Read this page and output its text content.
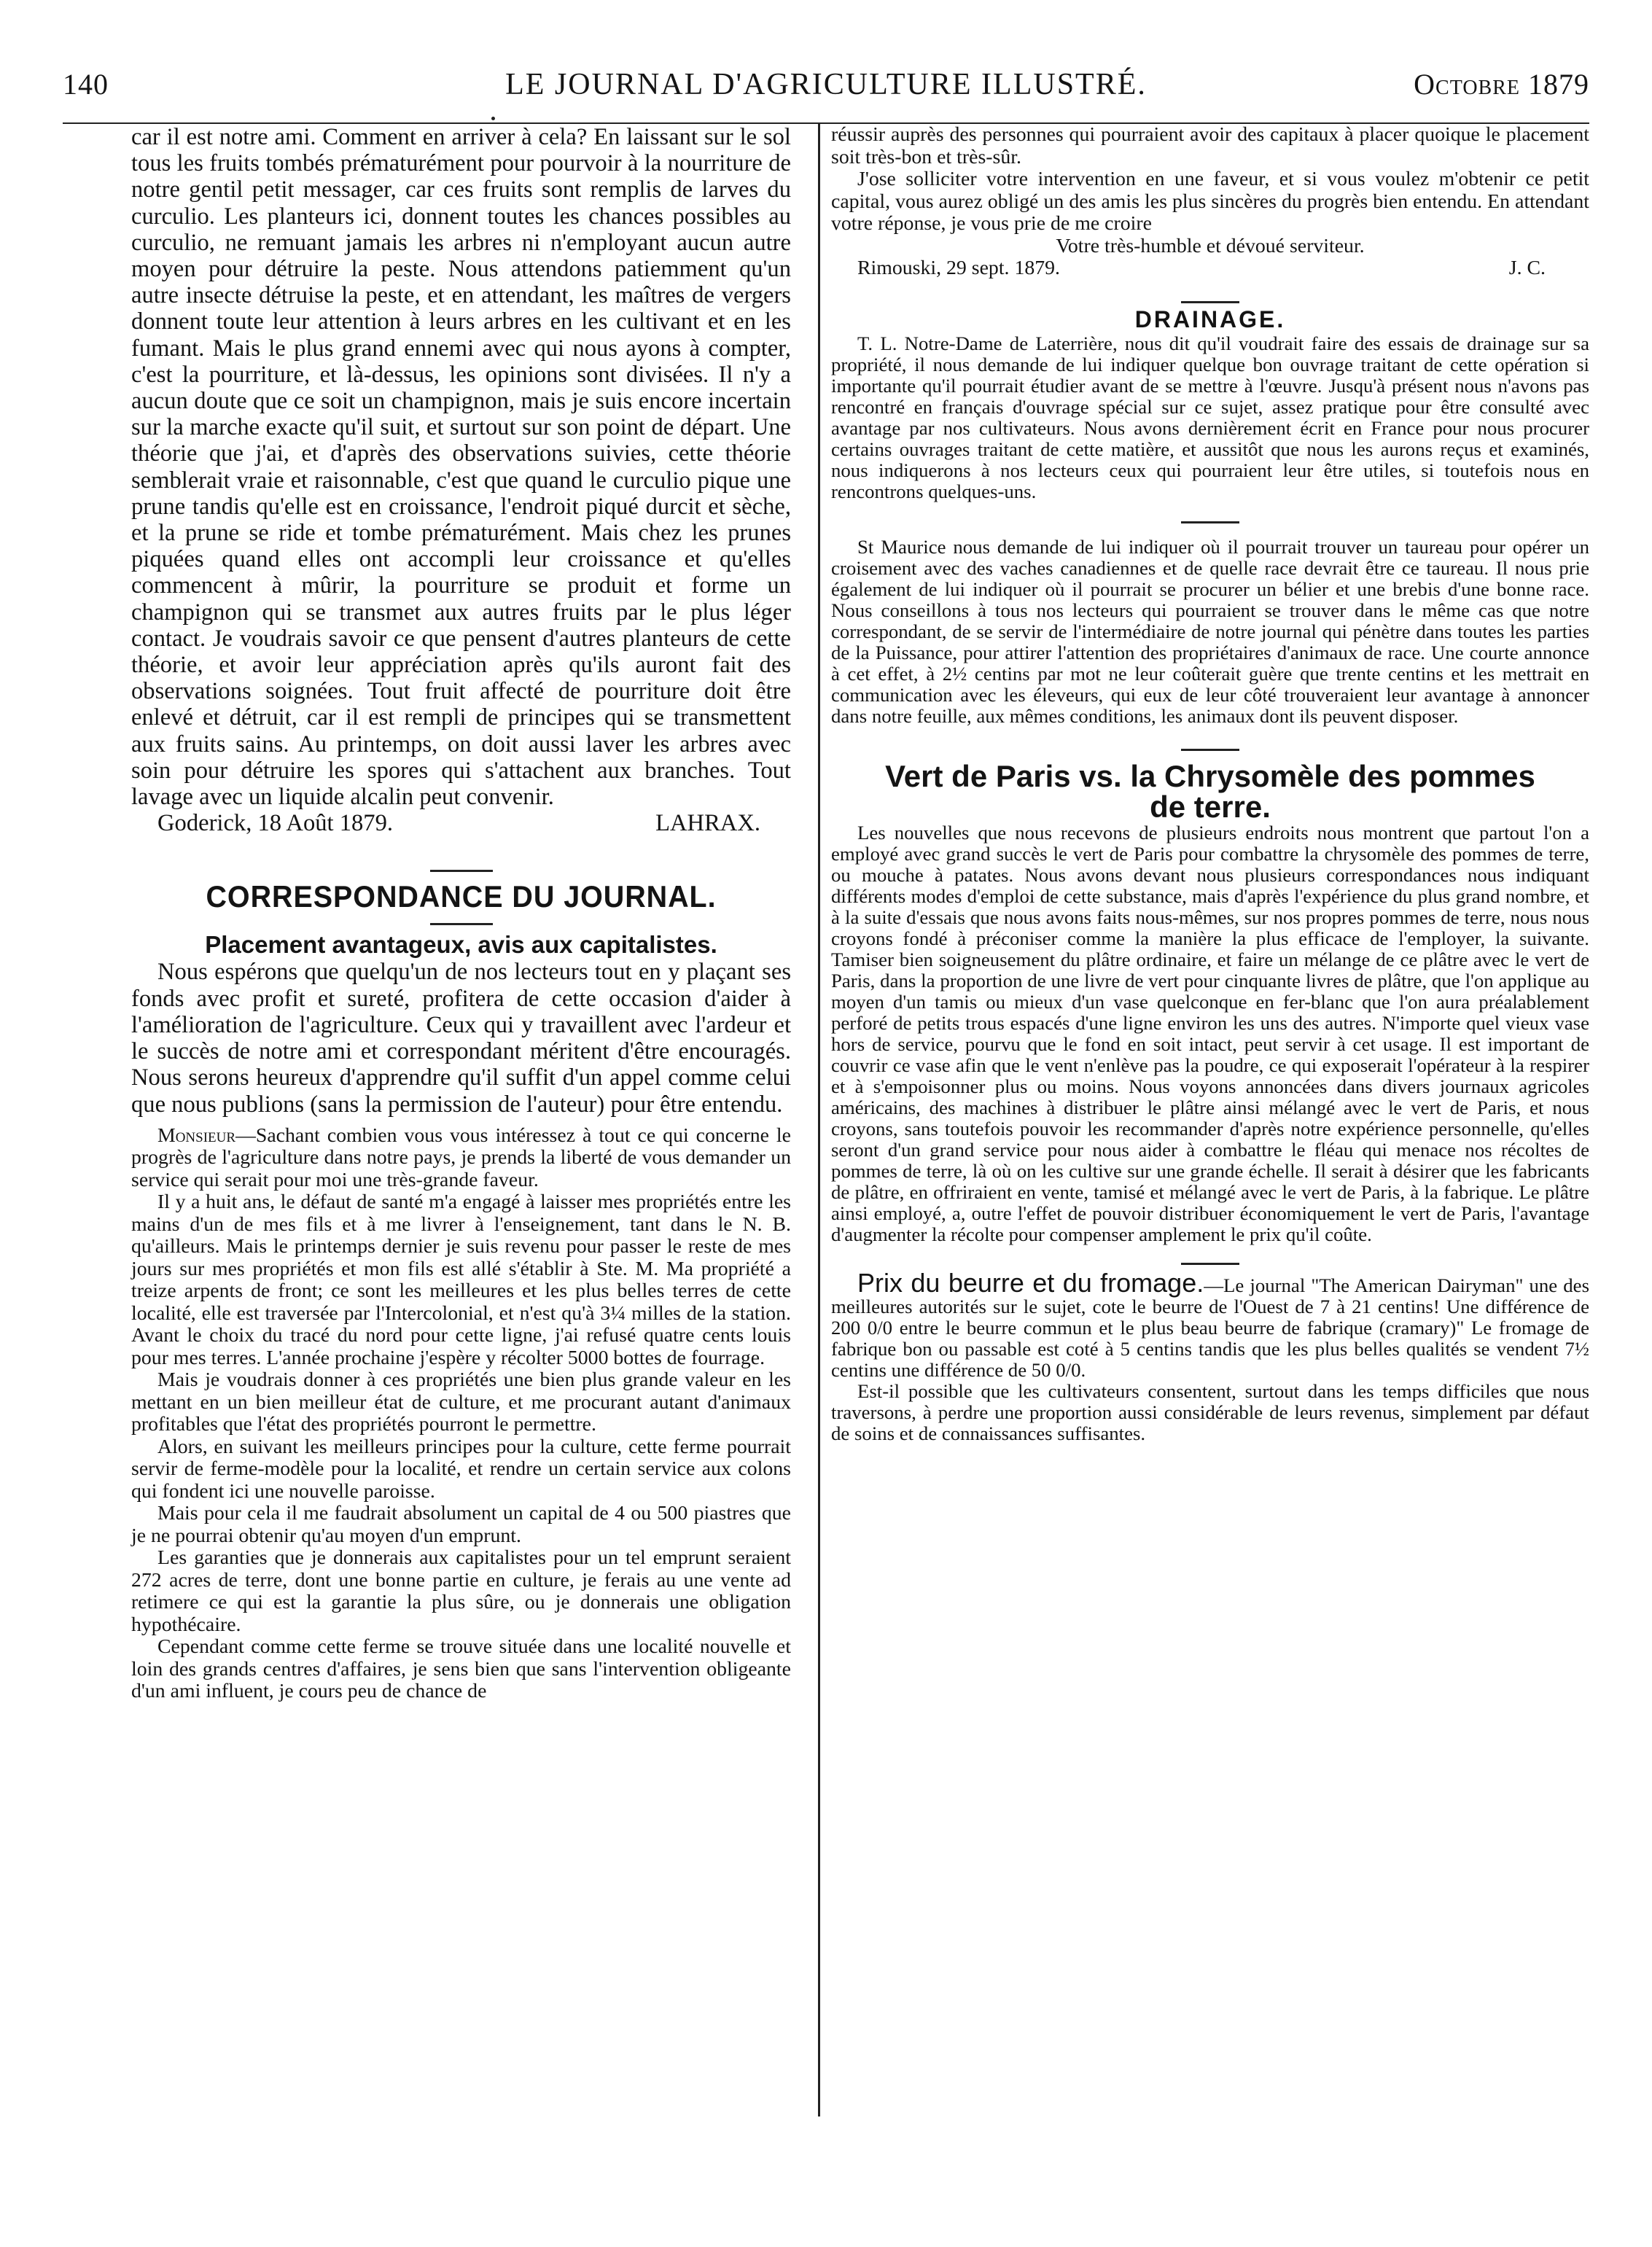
140	LE JOURNAL D'AGRICULTURE ILLUSTRÉ.	Octobre 1879

car il est notre ami. Comment en arriver à cela? En laissant sur le sol tous les fruits tombés prématurément pour pourvoir à la nourriture de notre gentil petit messager, car ces fruits sont remplis de larves du curculio. Les planteurs ici, donnent toutes les chances possibles au curculio, ne remuant jamais les arbres ni n'employant aucun autre moyen pour détruire la peste. Nous attendons patiemment qu'un autre insecte détruise la peste, et en attendant, les maîtres de vergers donnent toute leur attention à leurs arbres en les cultivant et en les fumant. Mais le plus grand ennemi avec qui nous ayons à compter, c'est la pourriture, et là-dessus, les opinions sont divisées. Il n'y a aucun doute que ce soit un champignon, mais je suis encore incertain sur la marche exacte qu'il suit, et surtout sur son point de départ. Une théorie que j'ai, et d'après des observations suivies, cette théorie semblerait vraie et raisonnable, c'est que quand le curculio pique une prune tandis qu'elle est en croissance, l'endroit piqué durcit et sèche, et la prune se ride et tombe prématurément. Mais chez les prunes piquées quand elles ont accompli leur croissance et qu'elles commencent à mûrir, la pourriture se produit et forme un champignon qui se transmet aux autres fruits par le plus léger contact. Je voudrais savoir ce que pensent d'autres planteurs de cette théorie, et avoir leur appréciation après qu'ils auront fait des observations soignées. Tout fruit affecté de pourriture doit être enlevé et détruit, car il est rempli de principes qui se transmettent aux fruits sains. Au printemps, on doit aussi laver les arbres avec soin pour détruire les spores qui s'attachent aux branches. Tout lavage avec un liquide alcalin peut convenir.

Goderick, 18 Août 1879.	LAHRAX.
CORRESPONDANCE DU JOURNAL.
Placement avantageux, avis aux capitalistes.

Nous espérons que quelqu'un de nos lecteurs tout en y plaçant ses fonds avec profit et sureté, profitera de cette occasion d'aider à l'amélioration de l'agriculture. Ceux qui y travaillent avec l'ardeur et le succès de notre ami et correspondant méritent d'être encouragés. Nous serons heureux d'apprendre qu'il suffit d'un appel comme celui que nous publions (sans la permission de l'auteur) pour être entendu.

Monsieur—Sachant combien vous vous intéressez à tout ce qui concerne le progrès de l'agriculture dans notre pays, je prends la liberté de vous demander un service qui serait pour moi une très-grande faveur.

Il y a huit ans, le défaut de santé m'a engagé à laisser mes propriétés entre les mains d'un de mes fils et à me livrer à l'enseignement, tant dans le N. B. qu'ailleurs. Mais le printemps dernier je suis revenu pour passer le reste de mes jours sur mes propriétés et mon fils est allé s'établir à Ste. M. Ma propriété a treize arpents de front; ce sont les meilleures et les plus belles terres de cette localité, elle est traversée par l'Intercolonial, et n'est qu'à 3¼ milles de la station. Avant le choix du tracé du nord pour cette ligne, j'ai refusé quatre cents louis pour mes terres. L'année prochaine j'espère y récolter 5000 bottes de fourrage.

Mais je voudrais donner à ces propriétés une bien plus grande valeur en les mettant en un bien meilleur état de culture, et me procurant autant d'animaux profitables que l'état des propriétés pourront le permettre.

Alors, en suivant les meilleurs principes pour la culture, cette ferme pourrait servir de ferme-modèle pour la localité, et rendre un certain service aux colons qui fondent ici une nouvelle paroisse.

Mais pour cela il me faudrait absolument un capital de 4 ou 500 piastres que je ne pourrai obtenir qu'au moyen d'un emprunt.

Les garanties que je donnerais aux capitalistes pour un tel emprunt seraient 272 acres de terre, dont une bonne partie en culture, je ferais au une vente ad retimere ce qui est la garantie la plus sûre, ou je donnerais une obligation hypothécaire.

Cependant comme cette ferme se trouve située dans une localité nouvelle et loin des grands centres d'affaires, je sens bien que sans l'intervention obligeante d'un ami influent, je cours peu de chance de

réussir auprès des personnes qui pourraient avoir des capitaux à placer quoique le placement soit très-bon et très-sûr.

J'ose solliciter votre intervention en une faveur, et si vous voulez m'obtenir ce petit capital, vous aurez obligé un des amis les plus sincères du progrès bien entendu. En attendant votre réponse, je vous prie de me croire

Votre très-humble et dévoué serviteur.

Rimouski, 29 sept. 1879.	J. C.
DRAINAGE.

T. L. Notre-Dame de Laterrière, nous dit qu'il voudrait faire des essais de drainage sur sa propriété, il nous demande de lui indiquer quelque bon ouvrage traitant de cette opération si importante qu'il pourrait étudier avant de se mettre à l'œuvre. Jusqu'à présent nous n'avons pas rencontré en français d'ouvrage spécial sur ce sujet, assez pratique pour être consulté avec avantage par nos cultivateurs. Nous avons dernièrement écrit en France pour nous procurer certains ouvrages traitant de cette matière, et aussitôt que nous les aurons reçus et examinés, nous indiquerons à nos lecteurs ceux qui pourraient leur être utiles, si toutefois nous en rencontrons quelques-uns.

St Maurice nous demande de lui indiquer où il pourrait trouver un taureau pour opérer un croisement avec des vaches canadiennes et de quelle race devrait être ce taureau. Il nous prie également de lui indiquer où il pourrait se procurer un bélier et une brebis d'une bonne race. Nous conseillons à tous nos lecteurs qui pourraient se trouver dans le même cas que notre correspondant, de se servir de l'intermédiaire de notre journal qui pénètre dans toutes les parties de la Puissance, pour attirer l'attention des propriétaires d'animaux de race. Une courte annonce à cet effet, à 2½ centins par mot ne leur coûterait guère que trente centins et les mettrait en communication avec les éleveurs, qui eux de leur côté trouveraient leur avantage à annoncer dans notre feuille, aux mêmes conditions, les animaux dont ils peuvent disposer.

Vert de Paris vs. la Chrysomèle des pommes
de terre.

Les nouvelles que nous recevons de plusieurs endroits nous montrent que partout l'on a employé avec grand succès le vert de Paris pour combattre la chrysomèle des pommes de terre, ou mouche à patates. Nous avons devant nous plusieurs correspondances nous indiquant différents modes d'emploi de cette substance, mais d'après l'expérience du plus grand nombre, et à la suite d'essais que nous avons faits nous-mêmes, sur nos propres pommes de terre, nous nous croyons fondé à préconiser comme la manière la plus efficace de l'employer, la suivante. Tamiser bien soigneusement du plâtre ordinaire, et faire un mélange de ce plâtre avec le vert de Paris, dans la proportion de une livre de vert pour cinquante livres de plâtre, que l'on applique au moyen d'un tamis ou mieux d'un vase quelconque en fer-blanc que l'on aura préalablement perforé de petits trous espacés d'une ligne environ les uns des autres. N'importe quel vieux vase hors de service, pourvu que le fond en soit intact, peut servir à cet usage. Il est important de couvrir ce vase afin que le vent n'enlève pas la poudre, ce qui exposerait l'opérateur à la respirer et à s'empoisonner plus ou moins. Nous voyons annoncées dans divers journaux agricoles américains, des machines à distribuer le plâtre ainsi mélangé avec le vert de Paris, et nous croyons, sans toutefois pouvoir les recommander d'après notre expérience personnelle, qu'elles seront d'un grand service pour nous aider à combattre le fléau qui menace nos récoltes de pommes de terre, là où on les cultive sur une grande échelle. Il serait à désirer que les fabricants de plâtre, en offriraient en vente, tamisé et mélangé avec le vert de Paris, à la fabrique. Le plâtre ainsi employé, a, outre l'effet de pouvoir distribuer économiquement le vert de Paris, l'avantage d'augmenter la récolte pour compenser amplement le prix qu'il coûte.

Prix du beurre et du fromage.—Le journal "The American Dairyman" une des meilleures autorités sur le sujet, cote le beurre de l'Ouest de 7 à 21 centins! Une différence de 200 0/0 entre le beurre commun et le plus beau beurre de fabrique (cramary)" Le fromage de fabrique bon ou passable est coté à 5 centins tandis que les plus belles qualités se vendent 7½ centins une différence de 50 0/0.

Est-il possible que les cultivateurs consentent, surtout dans les temps difficiles que nous traversons, à perdre une proportion aussi considérable de leurs revenus, simplement par défaut de soins et de connaissances suffisantes.
